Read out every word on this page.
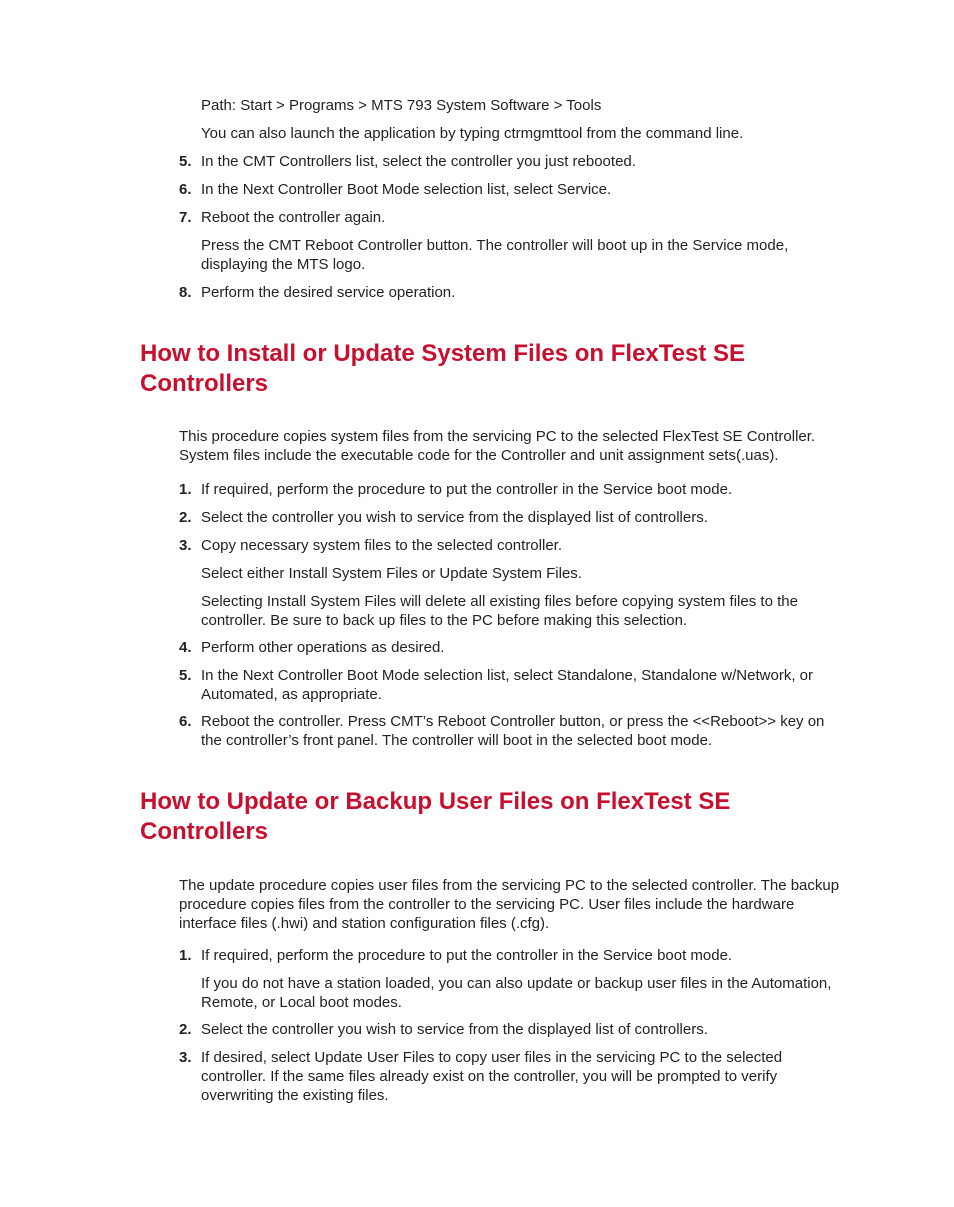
Path: Start > Programs > MTS 793 System Software > Tools

You can also launch the application by typing ctrmgmttool from the command line.

5. In the CMT Controllers list, select the controller you just rebooted.
6. In the Next Controller Boot Mode selection list, select Service.
7. Reboot the controller again.

Press the CMT Reboot Controller button. The controller will boot up in the Service mode, displaying the MTS logo.

8. Perform the desired service operation.
How to Install or Update System Files on FlexTest SE Controllers

This procedure copies system files from the servicing PC to the selected FlexTest SE Controller. System files include the executable code for the Controller and unit assignment sets(.uas).

1. If required, perform the procedure to put the controller in the Service boot mode.
2. Select the controller you wish to service from the displayed list of controllers.
3. Copy necessary system files to the selected controller.

Select either Install System Files or Update System Files.

Selecting Install System Files will delete all existing files before copying system files to the controller. Be sure to back up files to the PC before making this selection.

4. Perform other operations as desired.
5. In the Next Controller Boot Mode selection list, select Standalone, Standalone w/Network, or Automated, as appropriate.
6. Reboot the controller. Press CMT’s Reboot Controller button, or press the <<Reboot>> key on the controller’s front panel. The controller will boot in the selected boot mode.
How to Update or Backup User Files on FlexTest SE Controllers

The update procedure copies user files from the servicing PC to the selected controller. The backup procedure copies files from the controller to the servicing PC. User files include the hardware interface files (.hwi) and station configuration files (.cfg).

1. If required, perform the procedure to put the controller in the Service boot mode.

If you do not have a station loaded, you can also update or backup user files in the Automation, Remote, or Local boot modes.

2. Select the controller you wish to service from the displayed list of controllers.
3. If desired, select Update User Files to copy user files in the servicing PC to the selected controller. If the same files already exist on the controller, you will be prompted to verify overwriting the existing files.
